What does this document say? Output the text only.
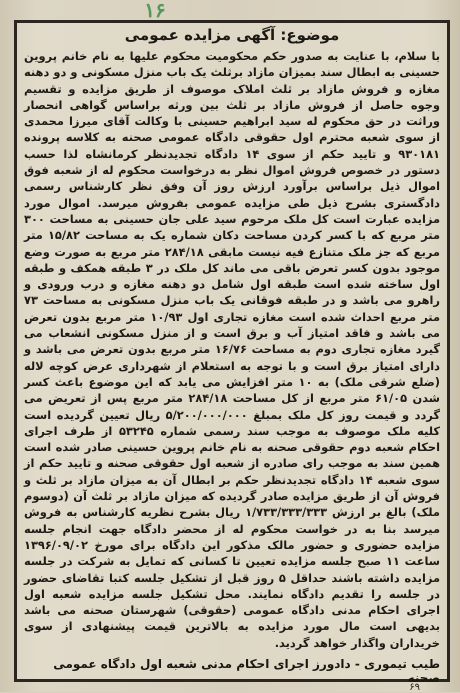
۱۶
موضوع: آگهی مزایده عمومی
با سلام، با عنایت به صدور حکم محکومیت محکوم علیها به نام خانم پروین حسینی به ابطال سند بمیزان مازاد برثلث یک باب منزل مسکونی و دو دهنه مغازه و فروش مازاد بر ثلث املاک موصوف از طریق مزایده و تقسیم وجوه حاصل از فروش مازاد بر ثلث بین ورثه براساس گواهی انحصار وراثت در حق محکوم له سید ابراهیم حسینی با وکالت آقای میرزا محمدی از سوی شعبه محترم اول حقوقی دادگاه عمومی صحنه به کلاسه پرونده ۹۳۰۱۸۱ و تایید حکم از سوی ۱۴ دادگاه تجدیدنظر کرمانشاه لذا حسب دستور در خصوص فروش اموال نظر به درخواست محکوم له از شعبه فوق اموال ذیل براساس برآورد ارزش روز آن وفق نظر کارشناس رسمی دادگستری بشرح ذیل طی مزایده عمومی بفروش میرسد. اموال مورد مزایده عبارت است کل ملک مرحوم سید علی جان حسینی به مساحت ۳۰۰ متر مربع که با کسر کردن مساحت دکان شماره یک به مساحت ۱۵/۸۲ متر مربع که جز ملک متنازع فیه نیست مابقی ۲۸۴/۱۸ متر مربع به صورت وضع موجود بدون کسر تعرض باقی می ماند کل ملک در ۳ طبقه همکف و طبقه اول ساخته شده است طبقه اول شامل دو دهنه مغازه و درب ورودی و راهرو می باشد و در طبقه فوقانی یک باب منزل مسکونی به مساحت ۷۳ متر مربع احداث شده است مغازه تجاری اول ۱۰/۹۳ متر مربع بدون تعرض می باشد و فاقد امتیاز آب و برق است و از منزل مسکونی انشعاب می گیرد مغازه تجاری دوم به مساحت ۱۶/۷۶ متر مربع بدون تعرض می باشد و دارای امتیاز برق است و با توجه به استعلام از شهرداری عرض کوچه لاله (ضلع شرقی ملک) به ۱۰ متر افزایش می یابد که این موضوع باعث کسر شدن ۶۱/۰۵ متر مربع از کل مساحت ۲۸۴/۱۸ متر مربع پس از تعریض می گردد و قیمت روز کل ملک بمبلغ ۵/۲۰۰/۰۰۰/۰۰۰ ریال تعیین گردیده است کلیه ملک موصوف به موجب سند رسمی شماره ۵۳۲۴۵ از طرف اجرای احکام شعبه دوم حقوقی صحنه به نام خانم پروین حسینی صادر شده است همین سند به موجب رای صادره از شعبه اول حقوقی صحنه و تایید حکم از سوی شعبه ۱۴ دادگاه تجدیدنظر حکم بر ابطال آن به میزان مازاد بر ثلث و فروش آن از طریق مزایده صادر گردیده که میزان مازاد بر ثلث آن (دوسوم ملک) بالغ بر ارزش ۱/۷۳۳/۳۳۳/۳۳۳ ریال بشرح نظریه کارشناس به فروش میرسد بنا به در خواست محکوم له از محضر دادگاه جهت انجام جلسه مزایده حضوری و حضور مالک مذکور این دادگاه برای مورخ ۱۳۹۶/۰۹/۰۲ ساعت ۱۱ صبح جلسه مزایده تعیین تا کسانی که تمایل به شرکت در جلسه مزایده داشته باشند حداقل ۵ روز قبل از تشکیل جلسه کتبا تقاضای حضور در جلسه را تقدیم دادگاه نمایند. محل تشکیل جلسه مزایده شعبه اول اجرای احکام مدنی دادگاه عمومی (حقوقی) شهرستان صحنه می باشد بدیهی است مال مورد مزایده به بالاترین قیمت پیشنهادی از سوی خریداران واگذار خواهد گردید.
طیب تیموری - دادورز اجرای احکام مدنی شعبه اول دادگاه عمومی صحنه
۶۹
